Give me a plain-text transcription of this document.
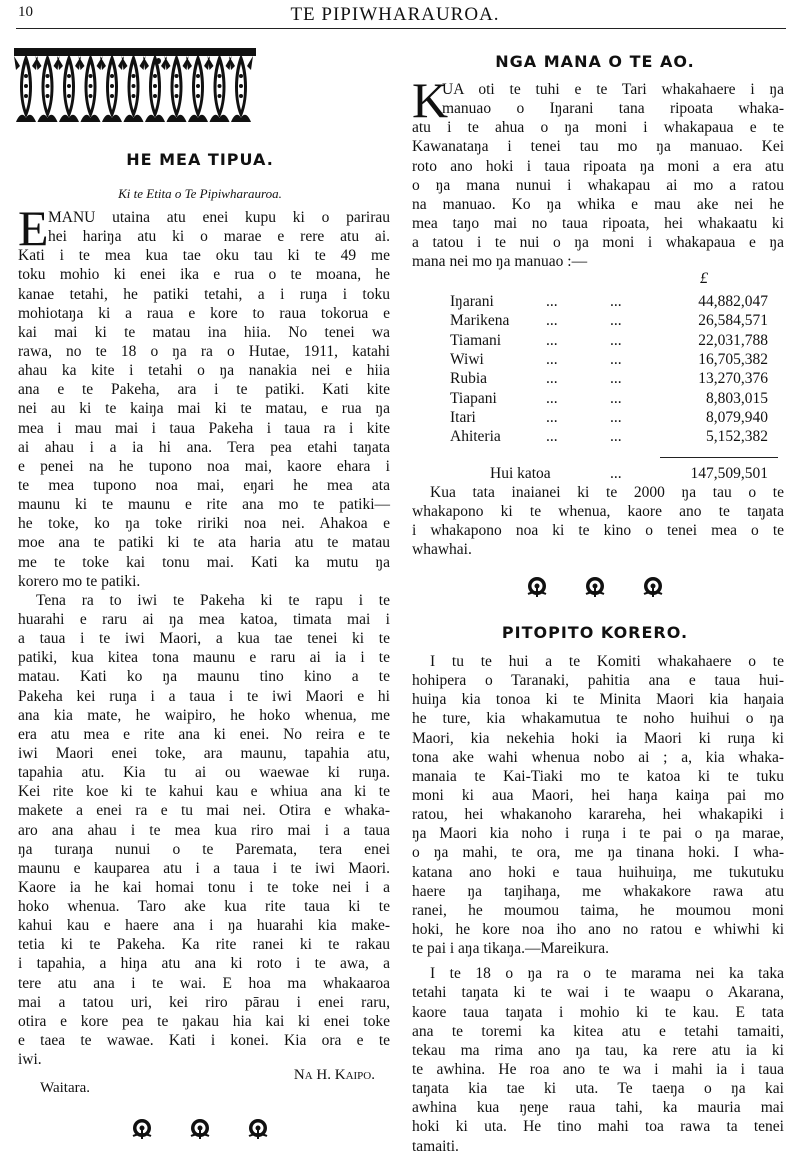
10	TE PIPIWHARAUROA.
HE MEA TIPUA.
Ki te Etita o Te Pipiwharauroa.
E MANU utaina atu enei kupu ki o parirau
hei hariŋa atu ki o marae e rere atu ai.
Kati i te mea kua tae oku tau ki te 49 me
toku mohio ki enei ika e rua o te moana, he
kanae tetahi, he patiki tetahi, a i ruŋa i toku
mohiotaŋa ki a raua e kore to raua tokorua e
kai mai ki te matau ina hiia. No tenei wa
rawa, no te 18 o ŋa ra o Hutae, 1911, katahi
ahau ka kite i tetahi o ŋa nanakia nei e hiia
ana e te Pakeha, ara i te patiki. Kati kite
nei au ki te kaiŋa mai ki te matau, e rua ŋa
mea i mau mai i taua Pakeha i taua ra i kite
ai ahau i a ia hi ana. Tera pea etahi taŋata
e penei na he tupono noa mai, kaore ehara i
te mea tupono noa mai, eŋari he mea ata
maunu ki te maunu e rite ana mo te patiki—
he toke, ko ŋa toke ririki noa nei. Ahakoa e
moe ana te patiki ki te ata haria atu te matau
me te toke kai tonu mai. Kati ka mutu ŋa
korero mo te patiki.
Tena ra to iwi te Pakeha ki te rapu i te
huarahi e raru ai ŋa mea katoa, timata mai i
a taua i te iwi Maori, a kua tae tenei ki te
patiki, kua kitea tona maunu e raru ai ia i te
matau. Kati ko ŋa maunu tino kino a te
Pakeha kei ruŋa i a taua i te iwi Maori e hi
ana kia mate, he waipiro, he hoko whenua, me
era atu mea e rite ana ki enei. No reira e te
iwi Maori enei toke, ara maunu, tapahia atu,
tapahia atu. Kia tu ai ou waewae ki ruŋa.
Kei rite koe ki te kahui kau e whiua ana ki te
makete a enei ra e tu mai nei. Otira e whaka-
aro ana ahau i te mea kua riro mai i a taua
ŋa turaŋa nunui o te Paremata, tera enei
maunu e kauparea atu i a taua i te iwi Maori.
Kaore ia he kai homai tonu i te toke nei i a
hoko whenua. Taro ake kua rite taua ki te
kahui kau e haere ana i ŋa huarahi kia make-
tetia ki te Pakeha. Ka rite ranei ki te rakau
i tapahia, a hiŋa atu ana ki roto i te awa, a
tere atu ana i te wai. E hoa ma whakaaroa
mai a tatou uri, kei riro pārau i enei raru,
otira e kore pea te ŋakau hia kai ki enei toke
e taea te wawae. Kati i konei. Kia ora e te
iwi.
Na H. Kaipo.
Waitara.
NGA MANA O TE AO.
K
UA oti te tuhi e te Tari whakahaere i ŋa
manuao o Iŋarani tana ripoata whaka-
atu i te ahua o ŋa moni i whakapaua e te
Kawanataŋa i tenei tau mo ŋa manuao. Kei
roto ano hoki i taua ripoata ŋa moni a era atu
o ŋa mana nunui i whakapau ai mo a ratou
na manuao. Ko ŋa whika e mau ake nei he
mea taŋo mai no taua ripoata, hei whakaatu ki
a tatou i te nui o ŋa moni i whakapaua e ŋa
mana nei mo ŋa manuao :—
£
Iŋarani	...	...	44,882,047
Marikena ...	...	26,584,571
Tiamani	...	...	22,031,788
Wiwi	...	...	16,705,382
Rubia	...	...	13,270,376
Tiapani	...	...	8,803,015
Itari	...	...	8,079,940
Ahiteria	...	...	5,152,382
Hui katoa	...	147,509,501
Kua tata inaianei ki te 2000 ŋa tau o te
whakapono ki te whenua, kaore ano te taŋata
i whakapono noa ki te kino o tenei mea o te
whawhai.
PITOPITO KORERO.
I tu te hui a te Komiti whakahaere o te
hohipera o Taranaki, pahitia ana e taua hui-
huiŋa kia tonoa ki te Minita Maori kia haŋaia
he ture, kia whakamutua te noho huihui o ŋa
Maori, kia nekehia hoki ia Maori ki ruŋa ki
tona ake wahi whenua nobo ai ; a, kia whaka-
manaia te Kai-Tiaki mo te katoa ki te tuku
moni ki aua Maori, hei haŋa kaiŋa pai mo
ratou, hei whakanoho karareha, hei whakapiki i
ŋa Maori kia noho i ruŋa i te pai o ŋa marae,
o ŋa mahi, te ora, me ŋa tinana hoki. I wha-
katana ano hoki e taua huihuiŋa, me tukutuku
haere ŋa taŋihaŋa, me whakakore rawa atu
ranei, he moumou taima, he moumou moni
hoki, he kore noa iho ano no ratou e whiwhi ki
te pai i aŋa tikaŋa.—Mareikura.
I te 18 o ŋa ra o te marama nei ka taka
tetahi taŋata ki te wai i te waapu o Akarana,
kaore taua taŋata i mohio ki te kau. E tata
ana te toremi ka kitea atu e tetahi tamaiti,
tekau ma rima ano ŋa tau, ka rere atu ia ki
te awhina. He roa ano te wa i mahi ia i taua
taŋata kia tae ki uta. Te taeŋa o ŋa kai
awhina kua ŋeŋe raua tahi, ka mauria mai
hoki ki uta. He tino mahi toa rawa ta tenei
tamaiti.
